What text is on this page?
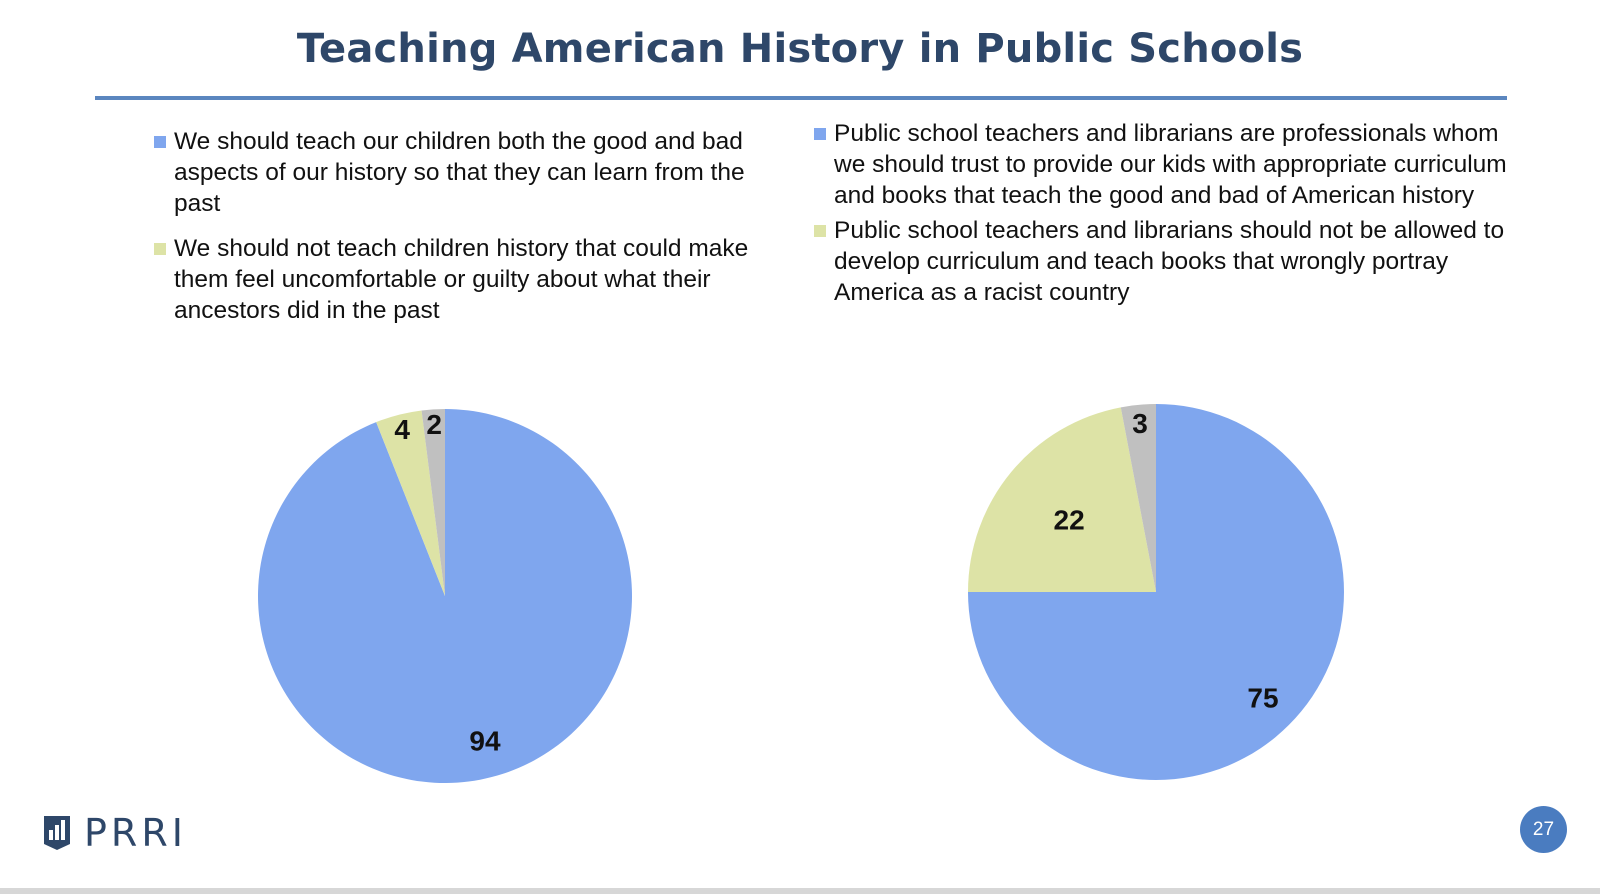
Teaching American History in Public Schools
We should teach our children both the good and bad aspects of our history so that they can learn from the past
We should not teach children history that could make them feel uncomfortable or guilty about what their ancestors did in the past
Public school teachers and librarians are professionals whom we should trust to provide our kids with appropriate curriculum and books that teach the good and bad of American history
Public school teachers and librarians should not be allowed to develop curriculum and teach books that wrongly portray America as a racist country
94
4 2
75
22
3
PRRI	27
